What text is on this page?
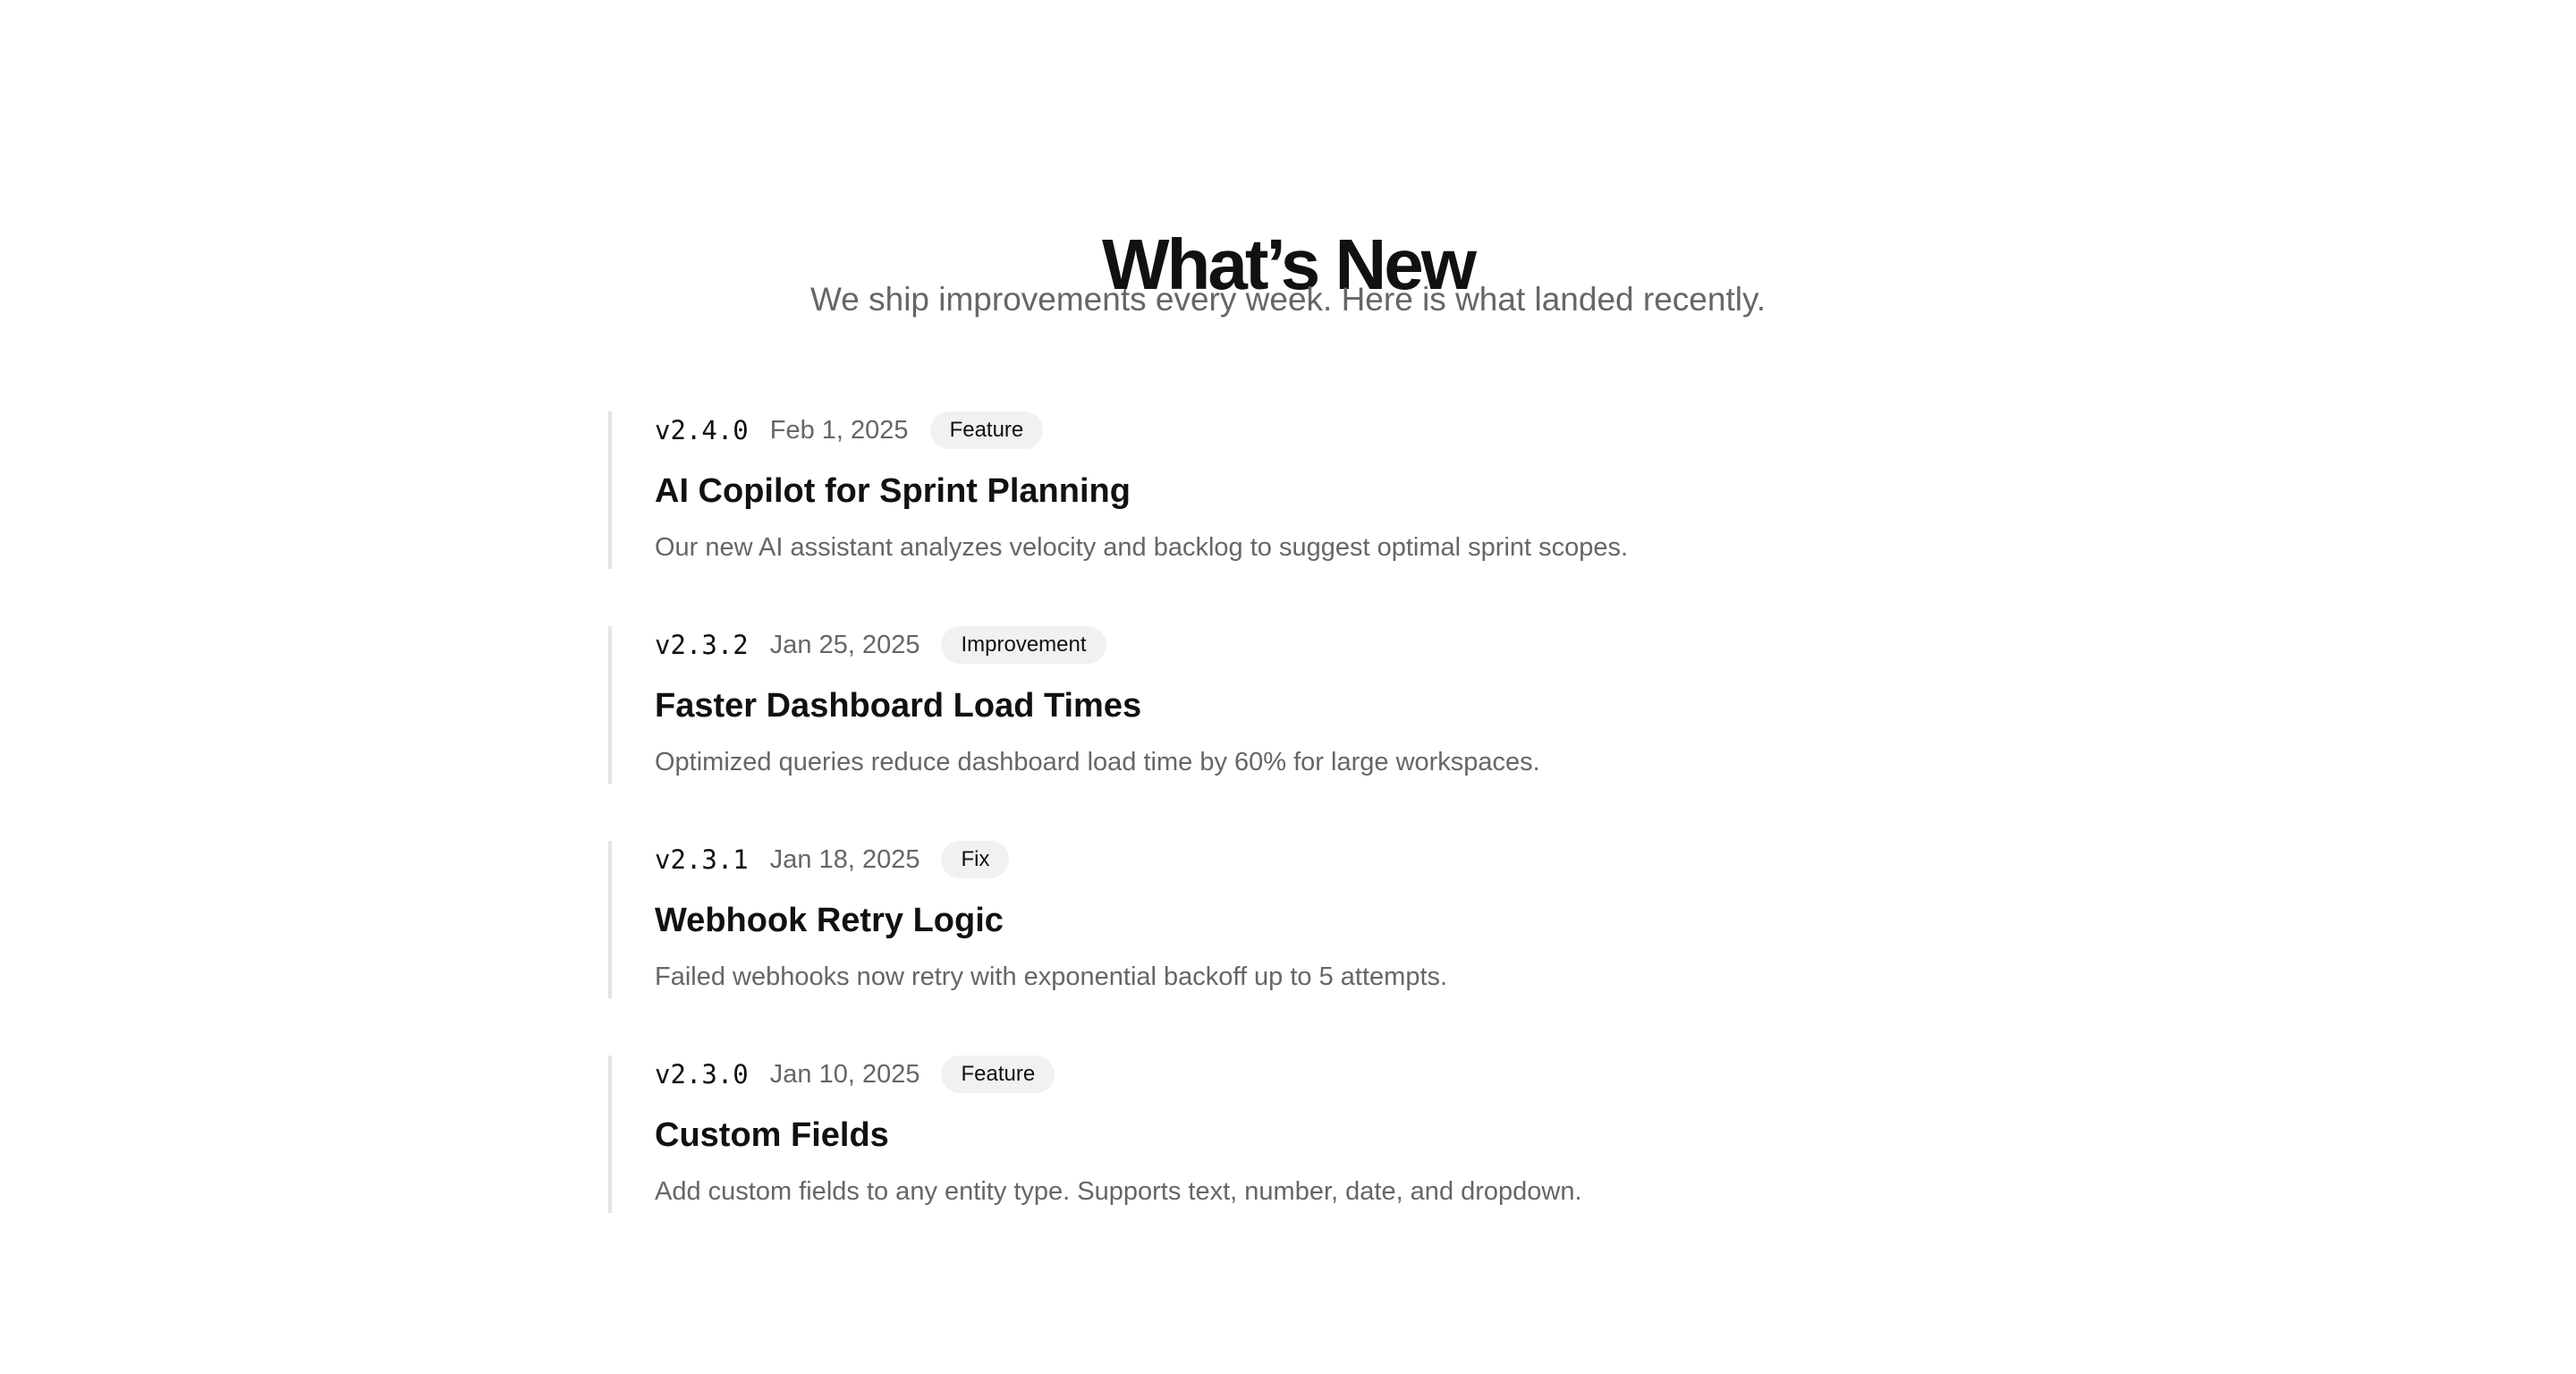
What’s New

We ship improvements every week. Here is what landed recently.

v2.4.0 Feb 1, 2025	Feature
AI Copilot for Sprint Planning
Our new AI assistant analyzes velocity and backlog to suggest optimal sprint scopes.
v2.3.2 Jan 25, 2025	Improvement
Faster Dashboard Load Times
Optimized queries reduce dashboard load time by 60% for large workspaces.
v2.3.1 Jan 18, 2025	Fix
Webhook Retry Logic
Failed webhooks now retry with exponential backoff up to 5 attempts.
v2.3.0 Jan 10, 2025	Feature
Custom Fields
Add custom fields to any entity type. Supports text, number, date, and dropdown.
